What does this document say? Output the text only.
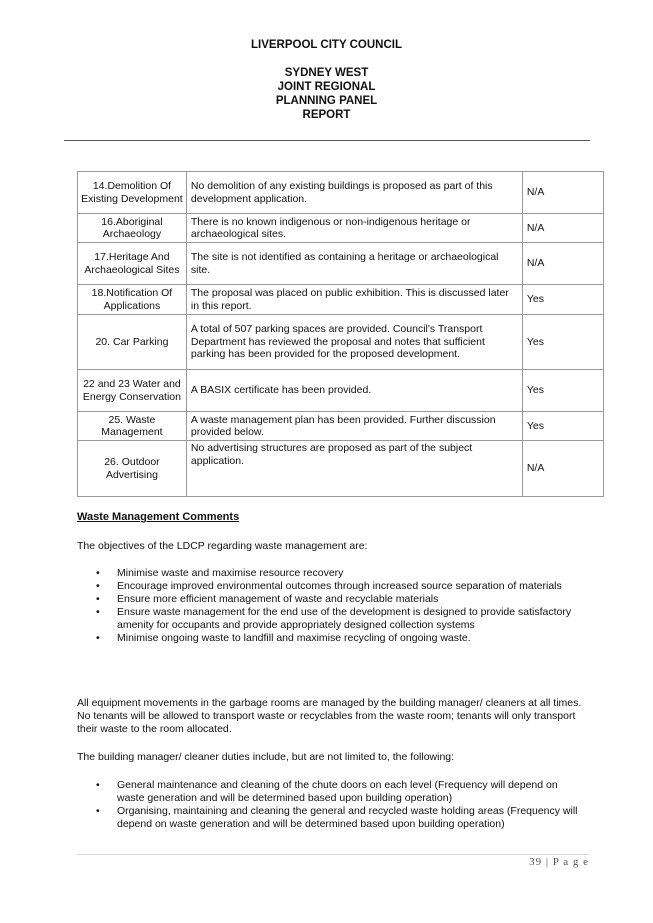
LIVERPOOL CITY COUNCIL
SYDNEY WEST
JOINT REGIONAL
PLANNING PANEL
REPORT
14.Demolition Of Existing Development	No demolition of any existing buildings is proposed as part of this development application.	N/A
16.Aboriginal Archaeology	There is no known indigenous or non-indigenous heritage or archaeological sites.	N/A
17.Heritage And Archaeological Sites	The site is not identified as containing a heritage or archaeological site.	N/A
18.Notification Of Applications	The proposal was placed on public exhibition. This is discussed later in this report.	Yes
20. Car Parking	A total of 507 parking spaces are provided. Council's Transport Department has reviewed the proposal and notes that sufficient parking has been provided for the proposed development.	Yes
22 and 23 Water and Energy Conservation	A BASIX certificate has been provided.	Yes
25. Waste Management	A waste management plan has been provided. Further discussion provided below.	Yes
26. Outdoor Advertising	No advertising structures are proposed as part of the subject application.	N/A
Waste Management Comments
The objectives of the LDCP regarding waste management are:
• Minimise waste and maximise resource recovery
• Encourage improved environmental outcomes through increased source separation of materials
• Ensure more efficient management of waste and recyclable materials
• Ensure waste management for the end use of the development is designed to provide satisfactory amenity for occupants and provide appropriately designed collection systems
• Minimise ongoing waste to landfill and maximise recycling of ongoing waste.
All equipment movements in the garbage rooms are managed by the building manager/ cleaners at all times. No tenants will be allowed to transport waste or recyclables from the waste room; tenants will only transport their waste to the room allocated.
The building manager/ cleaner duties include, but are not limited to, the following:
• General maintenance and cleaning of the chute doors on each level (Frequency will depend on waste generation and will be determined based upon building operation)
• Organising, maintaining and cleaning the general and recycled waste holding areas (Frequency will depend on waste generation and will be determined based upon building operation)
39 | P a g e
